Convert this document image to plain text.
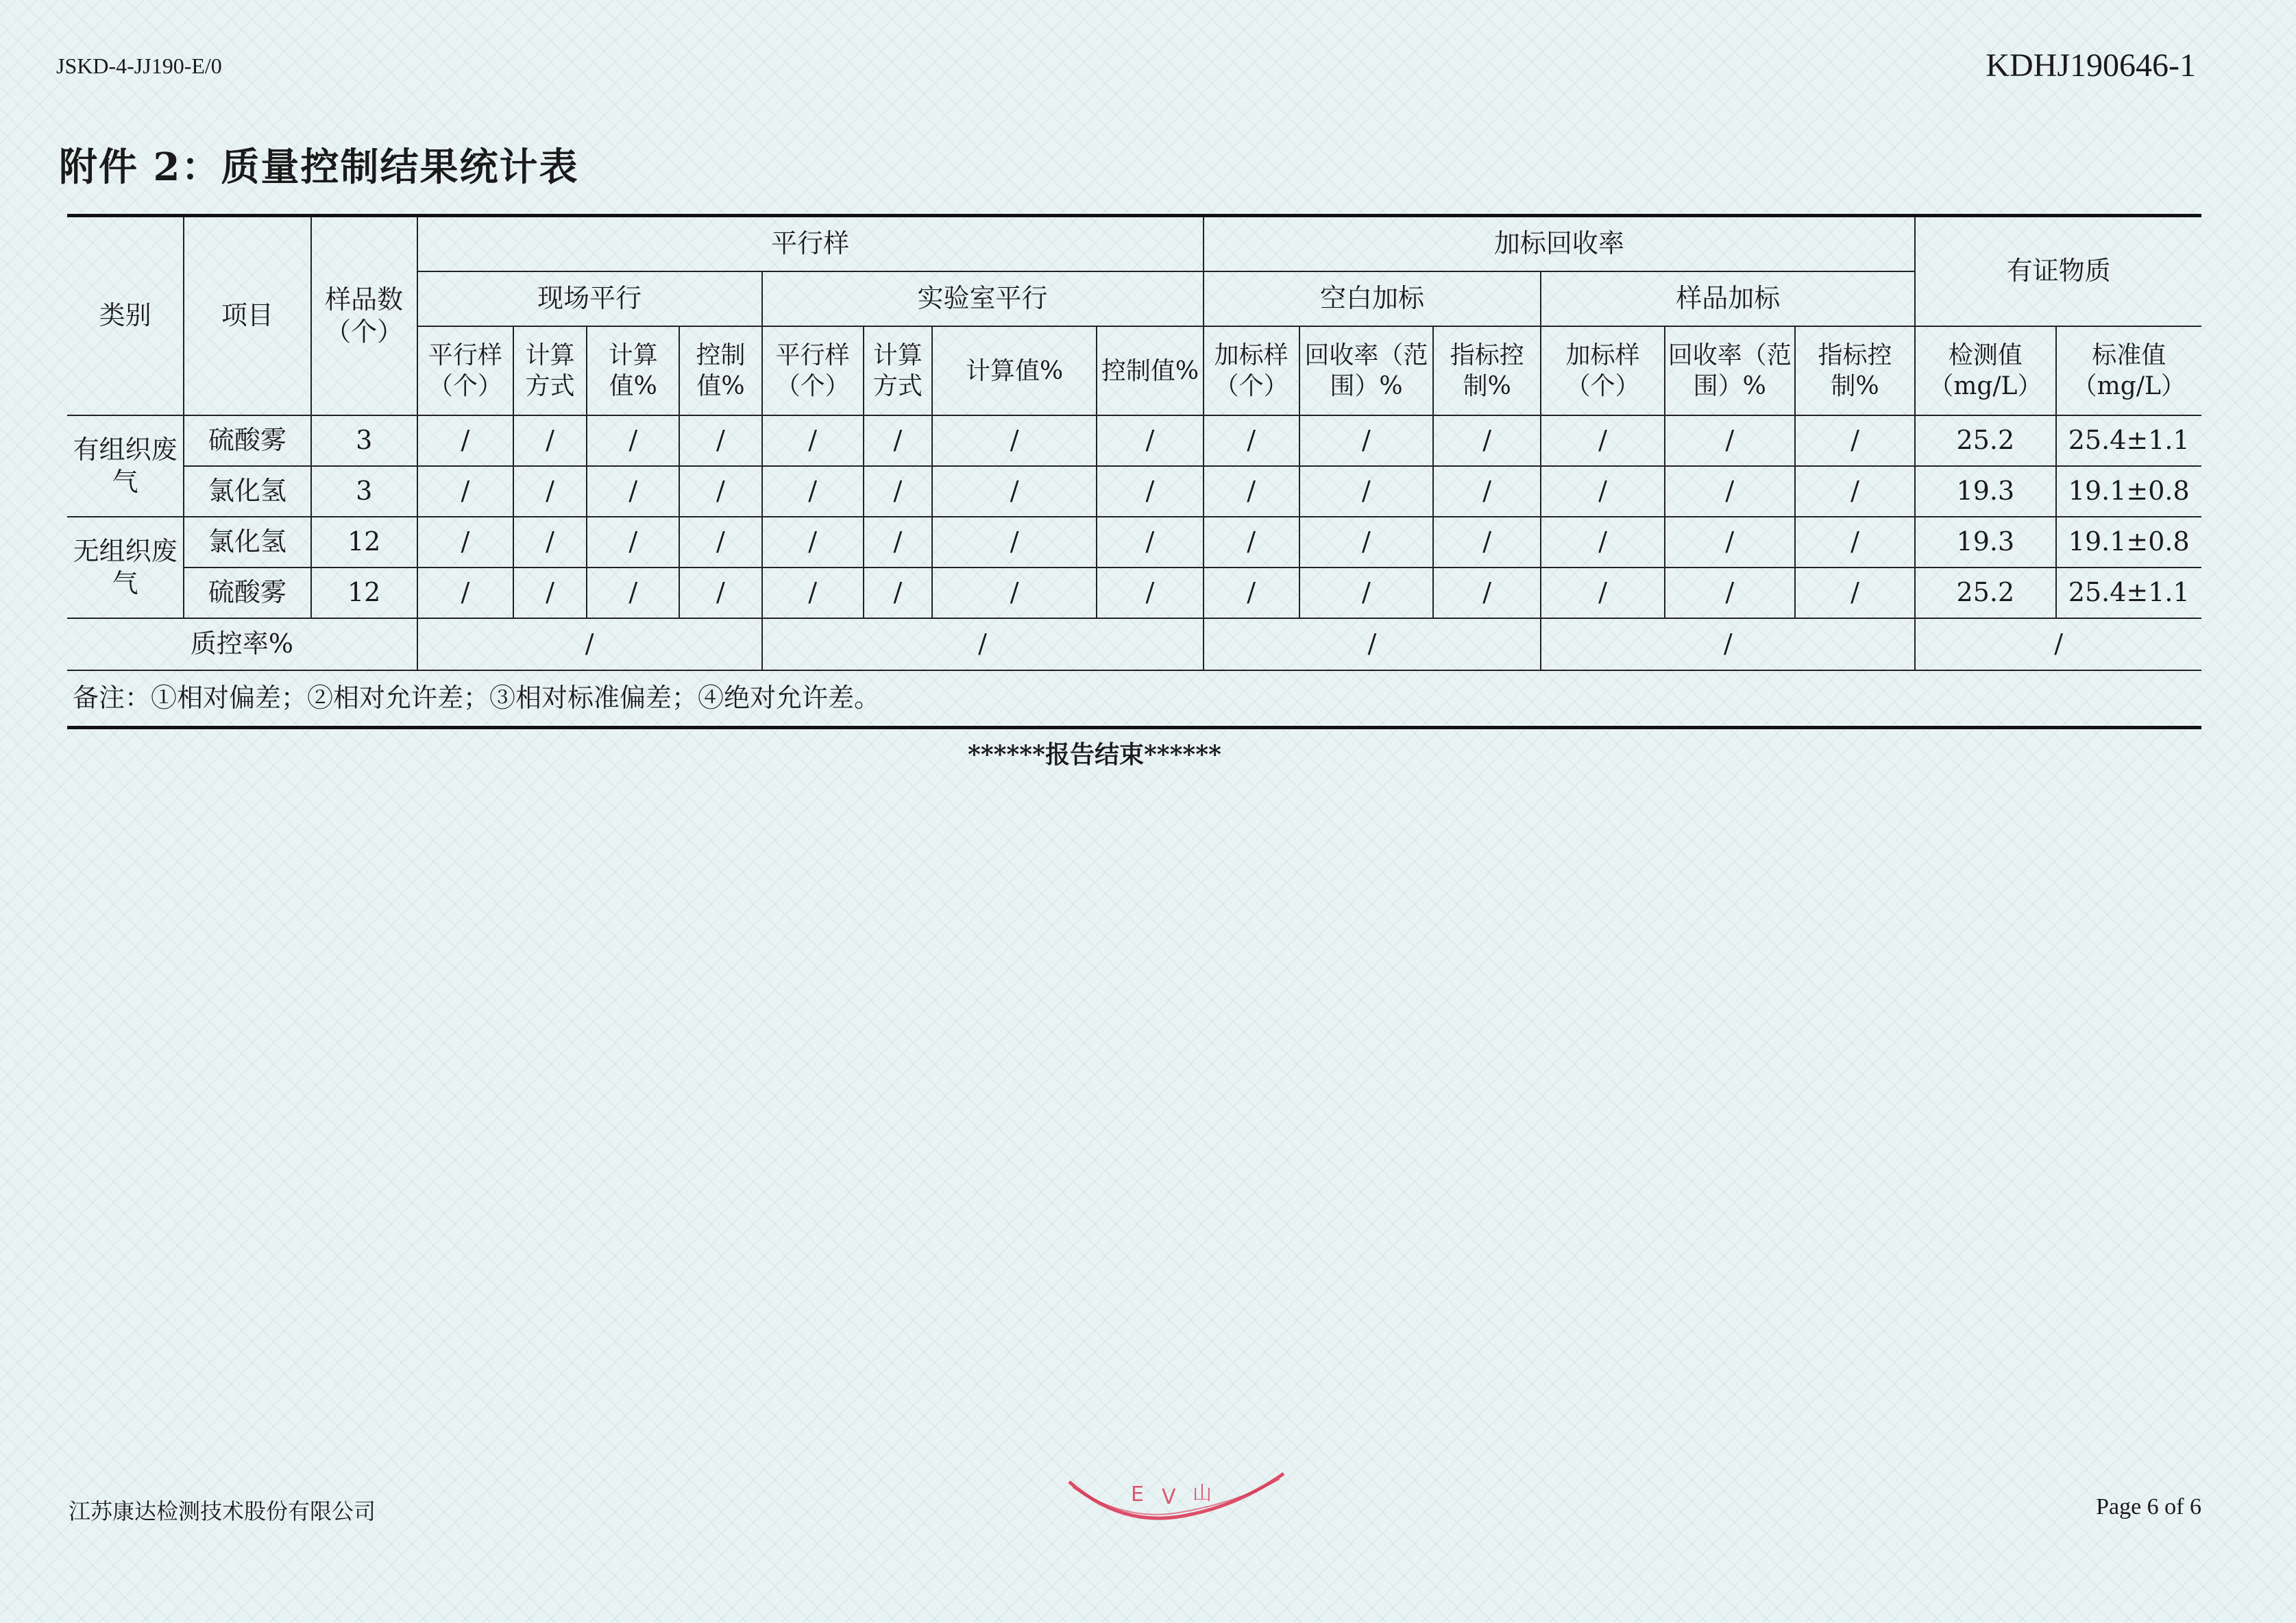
JSKD-4-JJ190-E/0	KDHJ190646-1
附件 2：质量控制结果统计表
类别	项目	样品数（个）	平行样								加标回收率						有证物质	
			现场平行				实验室平行				空白加标			样品加标				
			平行样（个）	计算方式	计算值%	控制值%	平行样（个）	计算方式	计算值%	控制值%	加标样（个）	回收率（范围）%	指标控制%	加标样（个）	回收率（范围）%	指标控制%	检测值（mg/L）	标准值（mg/L）
有组织废气	硫酸雾	3	/	/	/	/	/	/	/	/	/	/	/	/	/	/	25.2	25.4±1.1
	氯化氢	3	/	/	/	/	/	/	/	/	/	/	/	/	/	/	19.3	19.1±0.8
无组织废气	氯化氢	12	/	/	/	/	/	/	/	/	/	/	/	/	/	/	19.3	19.1±0.8
	硫酸雾	12	/	/	/	/	/	/	/	/	/	/	/	/	/	/	25.2	25.4±1.1
质控率%			/				/				/			/			/	
备注：①相对偏差；②相对允许差；③相对标准偏差；④绝对允许差。																		
******报告结束******
E V 山
江苏康达检测技术股份有限公司	Page 6 of 6
